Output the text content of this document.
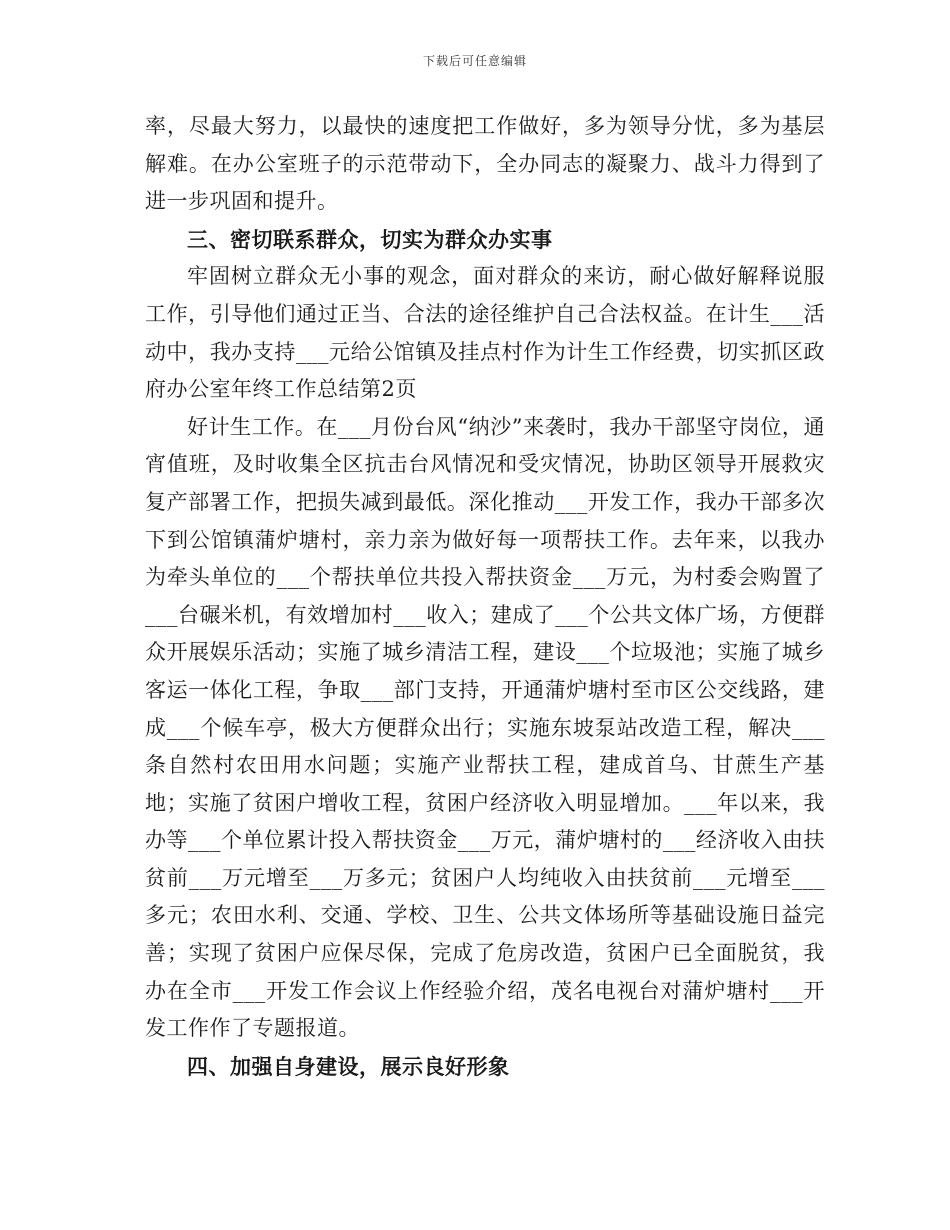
下载后可任意编辑

率，尽最大努力，以最快的速度把工作做好，多为领导分忧，多为基层解难。在办公室班子的示范带动下，全办同志的凝聚力、战斗力得到了进一步巩固和提升。

三、密切联系群众，切实为群众办实事

牢固树立群众无小事的观念，面对群众的来访，耐心做好解释说服工作，引导他们通过正当、合法的途径维护自己合法权益。在计生___活动中，我办支持___元给公馆镇及挂点村作为计生工作经费，切实抓区政府办公室年终工作总结第2页

好计生工作。在___月份台风“纳沙”来袭时，我办干部坚守岗位，通宵值班，及时收集全区抗击台风情况和受灾情况，协助区领导开展救灾复产部署工作，把损失减到最低。深化推动___开发工作，我办干部多次下到公馆镇蒲炉塘村，亲力亲为做好每一项帮扶工作。去年来，以我办为牵头单位的___个帮扶单位共投入帮扶资金___万元，为村委会购置了___台碾米机，有效增加村___收入；建成了___个公共文体广场，方便群众开展娱乐活动；实施了城乡清洁工程，建设___个垃圾池；实施了城乡客运一体化工程，争取___部门支持，开通蒲炉塘村至市区公交线路，建成___个候车亭，极大方便群众出行；实施东坡泵站改造工程，解决___条自然村农田用水问题；实施产业帮扶工程，建成首乌、甘蔗生产基地；实施了贫困户增收工程，贫困户经济收入明显增加。___年以来，我办等___个单位累计投入帮扶资金___万元，蒲炉塘村的___经济收入由扶贫前___万元增至___万多元；贫困户人均纯收入由扶贫前___元增至___多元；农田水利、交通、学校、卫生、公共文体场所等基础设施日益完善；实现了贫困户应保尽保，完成了危房改造，贫困户已全面脱贫，我办在全市___开发工作会议上作经验介绍，茂名电视台对蒲炉塘村___开发工作作了专题报道。

四、加强自身建设，展示良好形象
